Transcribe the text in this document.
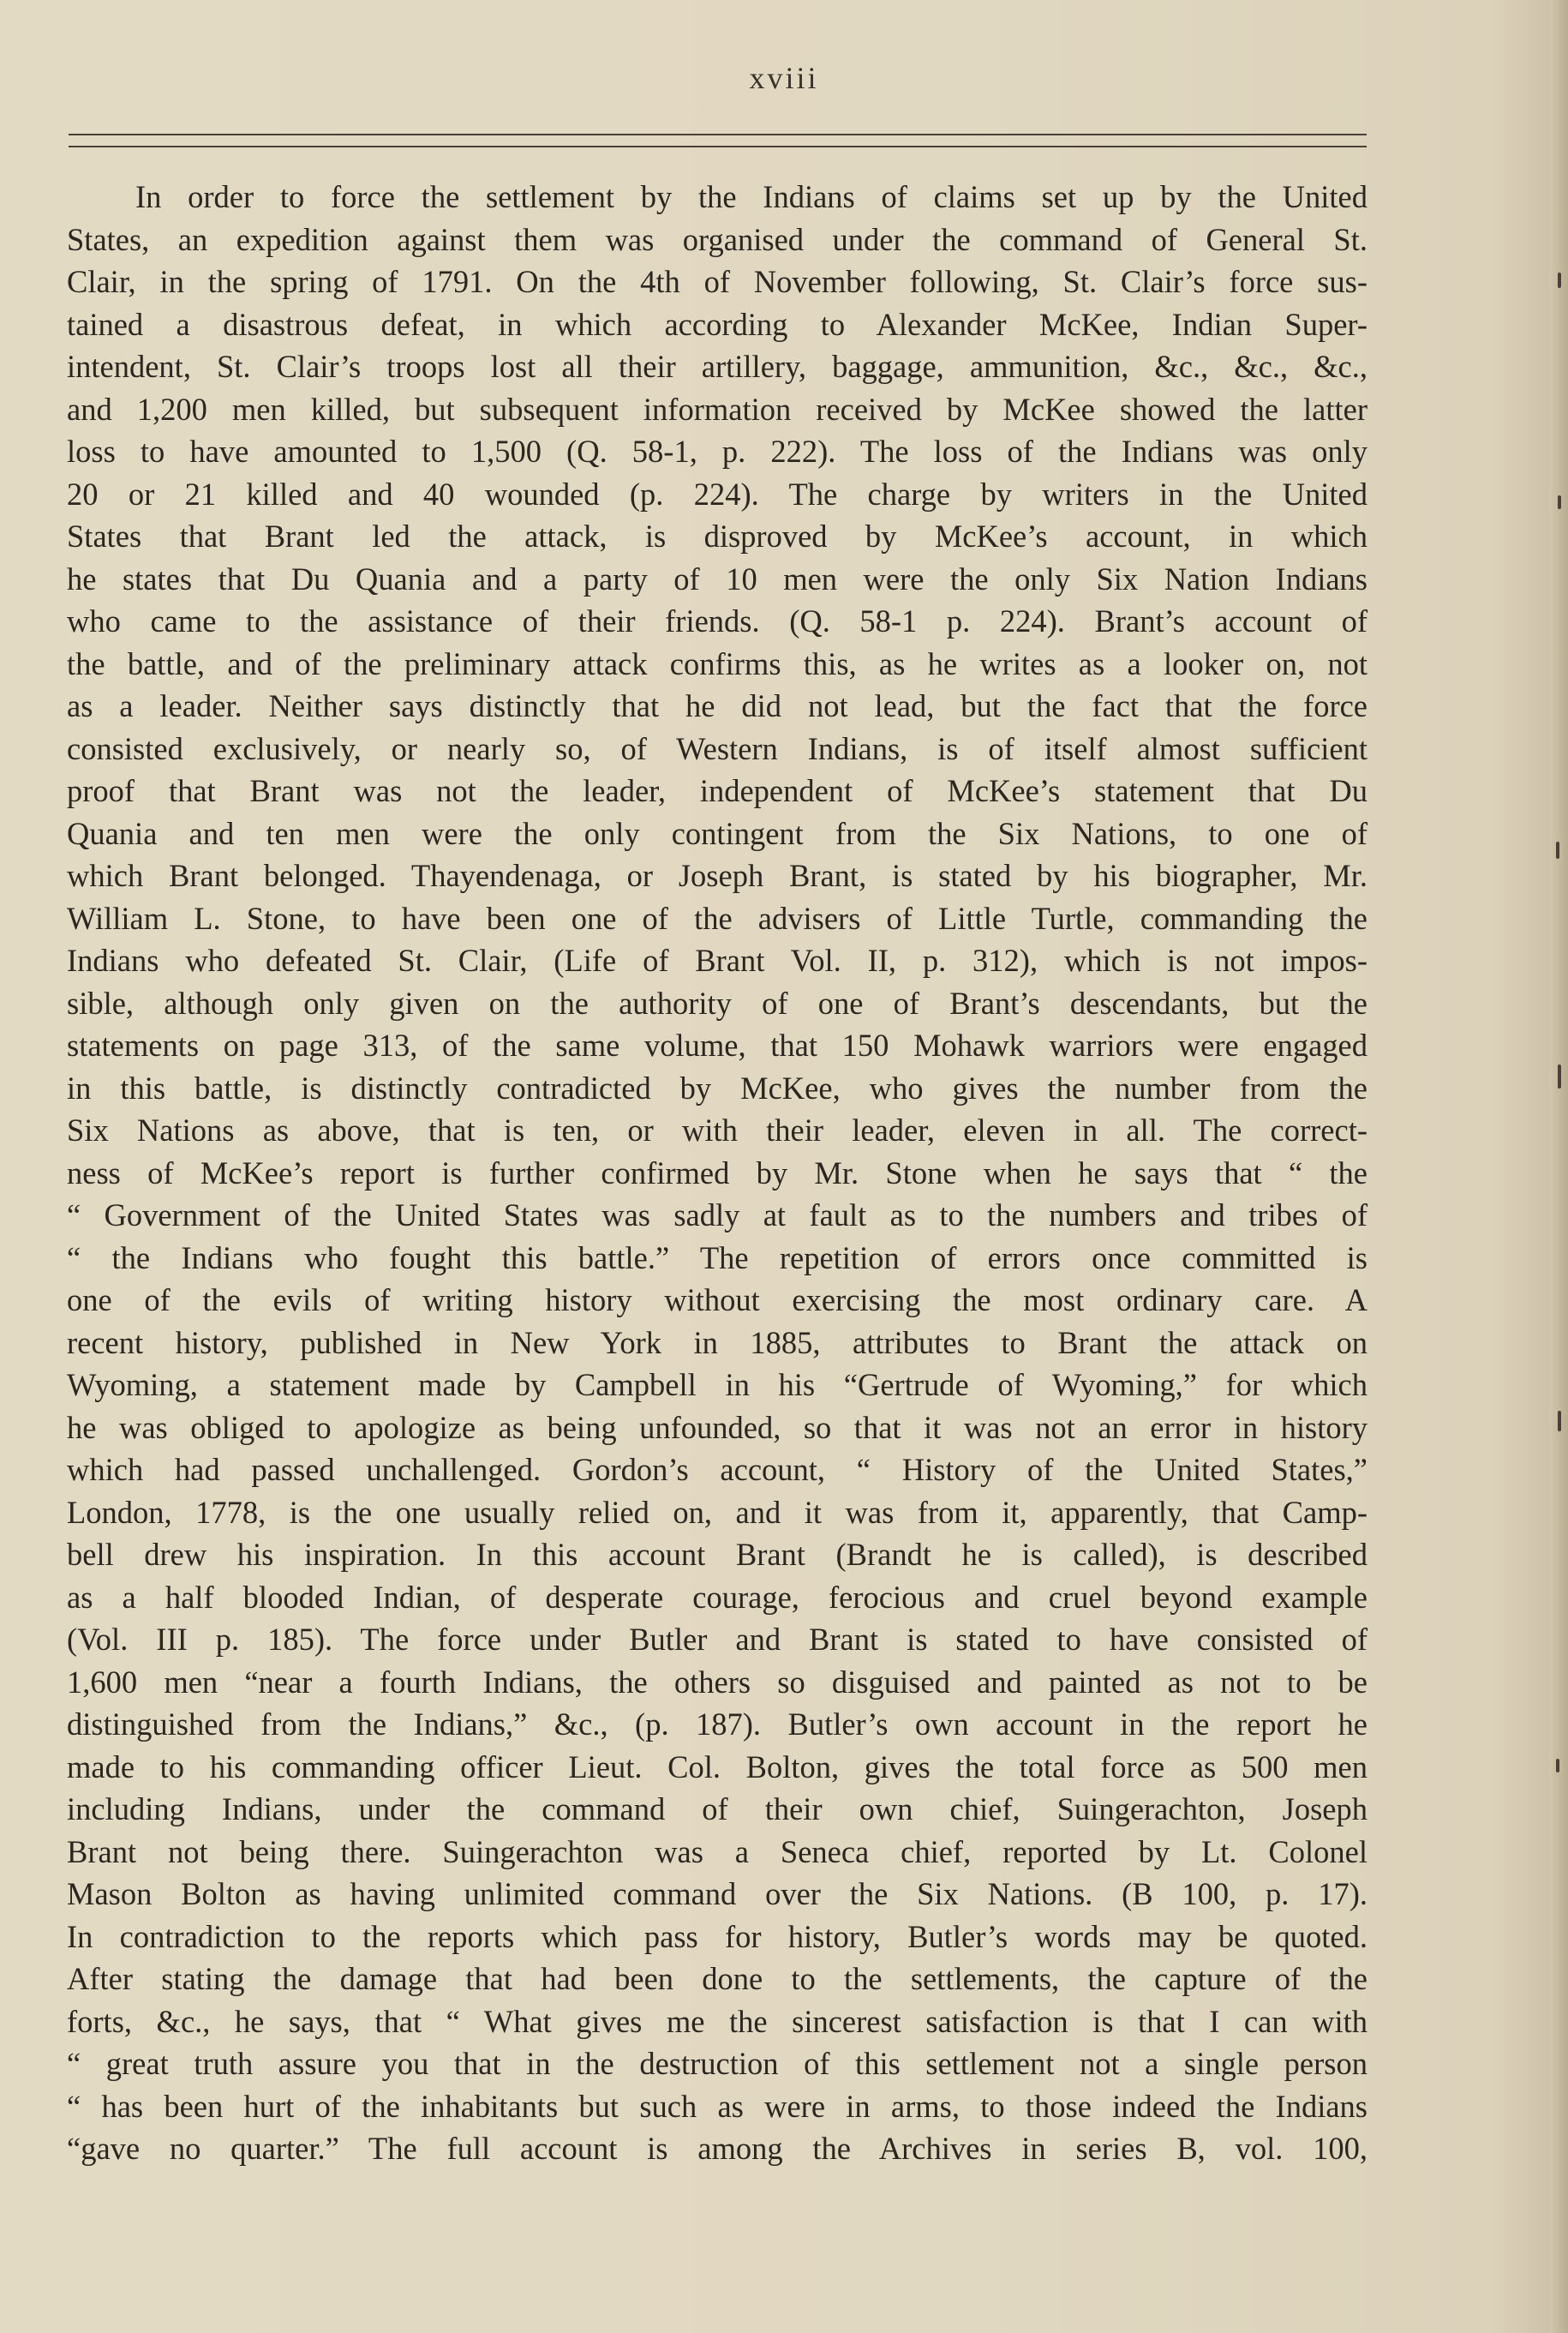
xviii
In order to force the settlement by the Indians of claims set up by the United
States, an expedition against them was organised under the command of General St.
Clair, in the spring of 1791. On the 4th of November following, St. Clair’s force sus-
tained a disastrous defeat, in which according to Alexander McKee, Indian Super-
intendent, St. Clair’s troops lost all their artillery, baggage, ammunition, &c., &c., &c.,
and 1,200 men killed, but subsequent information received by McKee showed the latter
loss to have amounted to 1,500 (Q. 58-1, p. 222). The loss of the Indians was only
20 or 21 killed and 40 wounded (p. 224). The charge by writers in the United
States that Brant led the attack, is disproved by McKee’s account, in which
he states that Du Quania and a party of 10 men were the only Six Nation Indians
who came to the assistance of their friends. (Q. 58-1 p. 224). Brant’s account of
the battle, and of the preliminary attack confirms this, as he writes as a looker on, not
as a leader. Neither says distinctly that he did not lead, but the fact that the force
consisted exclusively, or nearly so, of Western Indians, is of itself almost sufficient
proof that Brant was not the leader, independent of McKee’s statement that Du
Quania and ten men were the only contingent from the Six Nations, to one of
which Brant belonged. Thayendenaga, or Joseph Brant, is stated by his biographer, Mr.
William L. Stone, to have been one of the advisers of Little Turtle, commanding the
Indians who defeated St. Clair, (Life of Brant Vol. II, p. 312), which is not impos-
sible, although only given on the authority of one of Brant’s descendants, but the
statements on page 313, of the same volume, that 150 Mohawk warriors were engaged
in this battle, is distinctly contradicted by McKee, who gives the number from the
Six Nations as above, that is ten, or with their leader, eleven in all. The correct-
ness of McKee’s report is further confirmed by Mr. Stone when he says that “ the
“ Government of the United States was sadly at fault as to the numbers and tribes of
“ the Indians who fought this battle.” The repetition of errors once committed is
one of the evils of writing history without exercising the most ordinary care. A
recent history, published in New York in 1885, attributes to Brant the attack on
Wyoming, a statement made by Campbell in his “Gertrude of Wyoming,” for which
he was obliged to apologize as being unfounded, so that it was not an error in history
which had passed unchallenged. Gordon’s account, “ History of the United States,”
London, 1778, is the one usually relied on, and it was from it, apparently, that Camp-
bell drew his inspiration. In this account Brant (Brandt he is called), is described
as a half blooded Indian, of desperate courage, ferocious and cruel beyond example
(Vol. III p. 185). The force under Butler and Brant is stated to have consisted of
1,600 men “near a fourth Indians, the others so disguised and painted as not to be
distinguished from the Indians,” &c., (p. 187). Butler’s own account in the report he
made to his commanding officer Lieut. Col. Bolton, gives the total force as 500 men
including Indians, under the command of their own chief, Suingerachton, Joseph
Brant not being there. Suingerachton was a Seneca chief, reported by Lt. Colonel
Mason Bolton as having unlimited command over the Six Nations. (B 100, p. 17).
In contradiction to the reports which pass for history, Butler’s words may be quoted.
After stating the damage that had been done to the settlements, the capture of the
forts, &c., he says, that “ What gives me the sincerest satisfaction is that I can with
“ great truth assure you that in the destruction of this settlement not a single person
“ has been hurt of the inhabitants but such as were in arms, to those indeed the Indians
“gave no quarter.” The full account is among the Archives in series B, vol. 100,
